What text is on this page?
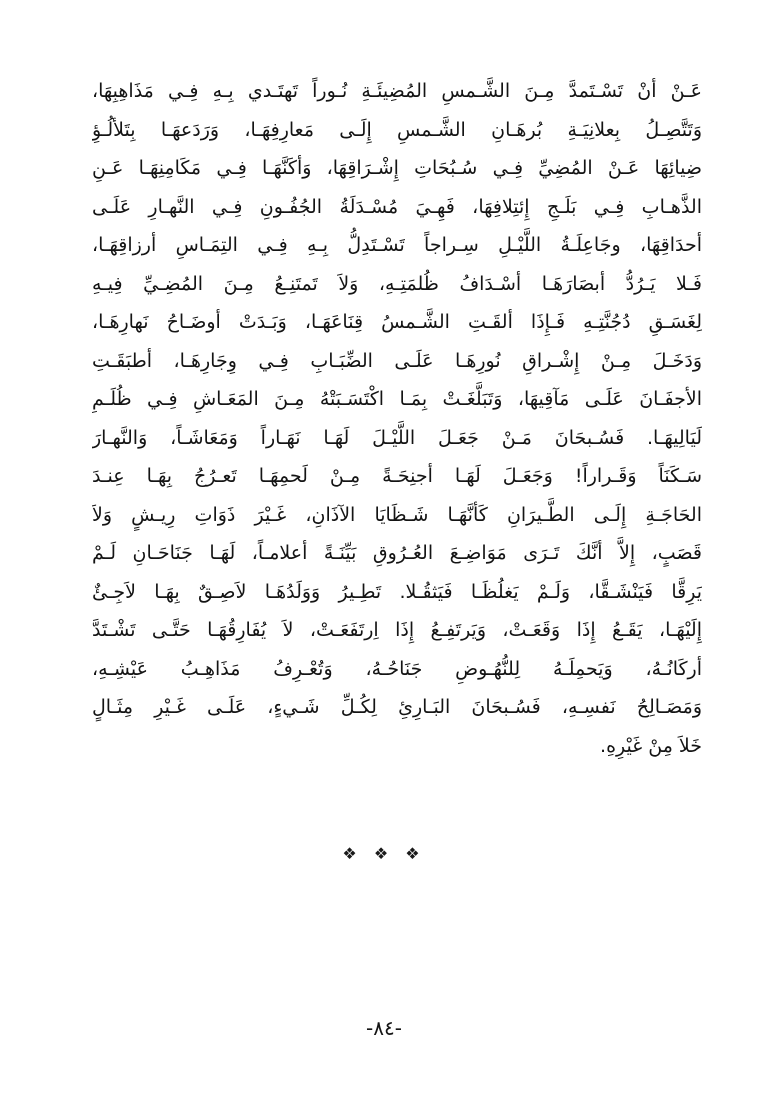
عَـنْ أنْ تَسْـتَمدَّ مِـنَ الشَّـمسِ المُضِيئَـةِ نُـوراً تَهتَـدي بِـهِ فِـي مَذَاهِبِهَا،
وَتَتَّصِـلُ بِعلانِيَـةِ بُرهَـانِ الشَّـمسِ إِلَـى مَعارِفِهَـا، وَرَدَعهَـا بِتَلألُـؤِ
ضِيائِهَا عَـنْ المُضِيِّ فِـي سُـبُحَاتِ إِشْـرَاقِهَا، وَأكَنَّهَـا فِـي مَكَامِنِهَـا عَـنِ
الذَّهـابِ فِـي بَلَـجِ إِئتِلافِهَا، فَهِـيَ مُسْـدَلَةُ الجُفُـونِ فِـي النَّهـارِ عَلَـى
أحدَاقِهَا، وجَاعِلَـةُ اللَّيْـلِ سِـراجاً تَسْـتَدِلُّ بِـهِ فِـي التِمَـاسِ أرزاقِهَـا،
فَـلا يَـرُدُّ أبصَارَهَـا أسْـدَافُ ظُلمَتِـهِ، وَلاَ تَمتَنِـعُ مِـنَ المُضِـيِّ فِيـهِ
لِغَسَـقِ دُجُنَّتِـهِ فَـإِذَا ألقَـتِ الشَّـمسُ قِنَاعَهَـا، وَبَـدَتْ أوضَـاحُ نَهارِهَـا،
وَدَخَـلَ مِـنْ إِشْـراقِ نُورِهَـا عَلَـى الضِّبَـابِ فِـي وِجَارِهَـا، أطبَقَـتِ
الأجفَـانَ عَلَـى مَآقِيهَا، وَتَبَلَّغَـتْ بِمَـا اكْتَسَـبَتْهُ مِـنَ المَعَـاشِ فِـي ظُلَـمِ
لَيَالِيهَـا. فَسُـبحَانَ مَـنْ جَعَـلَ اللَّيْـلَ لَهَـا نَهَـاراً وَمَعَاشَـاً، وَالنَّهـارَ
سَـكَنَاً وَقَـراراً! وَجَعَـلَ لَهَـا أجنِحَـةً مِـنْ لَحمِهَـا تَعـرُجُ بِهَـا عِنـدَ
الحَاجَـةِ إِلَـى الطَّـيرَانِ كَأنَّهَـا شَـظَايَا الآذَانِ، غَـيْرَ ذَوَاتِ رِيـشٍ وَلاَ
قَصَبٍ، إِلاَّ أنَّكَ تَـرَى مَوَاضِـعَ العُـرُوقِ بَيِّنَـةً أعلامـاً، لَهَـا جَنَاحَـانِ لَـمْ
يَرِقَّا فَيَنْشَـقَّا، وَلَـمْ يَغلُظَـا فَيَثقُـلا. تَطِـيرُ وَوَلَدُهَـا لاَصِـقٌ بِهَـا لاَجِـئٌ
إِلَيْهَـا، يَقَـعُ إِذَا وَقَعَـتْ، وَيَرتَفِـعُ إِذَا اِرتَفَعَـتْ، لاَ يُفَارِقُهَـا حَتَّـى تَشْـتَدَّ
أركَانُـهُ، وَيَحمِلَـهُ لِلنُّهُـوضِ جَنَاحُـهُ، وَتُعْـرِفُ مَذَاهِـبُ عَيْشِـهِ،
وَمَصَـالِحُ نَفسِـهِ، فَسُـبحَانَ البَـارِئِ لِكُـلِّ شَـيءٍ، عَلَـى غَـيْرِ مِثَـالٍ
خَلاَ مِنْ غَيْرِهِ.
❖ ❖ ❖
-٨٤-
